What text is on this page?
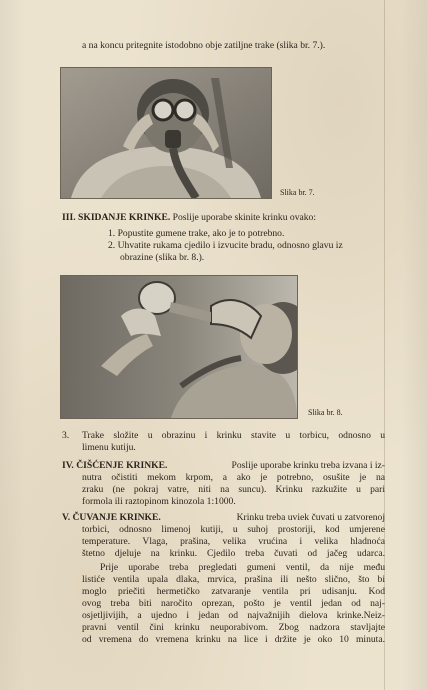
a na koncu pritegnite istodobno obje zatiljne trake (slika br. 7.).
Slika br. 7.
III. SKIDANJE KRINKE. Poslije uporabe skinite krinku ovako:
1. Popustite gumene trake, ako je to potrebno.
2. Uhvatite rukama cjedilo i izvucite bradu, odnosno glavu iz
obrazine (slika br. 8.).
Slika br. 8.
3. Trake složite u obrazinu i krinku stavite u torbicu, odnosno u
limenu kutiju.
IV. ČIŠĆENJE KRINKE.	Poslije uporabe krinku treba izvana i iz-
nutra očistiti mekom krpom, a ako je potrebno, osušite je na
zraku (ne pokraj vatre, niti na suncu). Krinku razkužite u pari
formola ili raztopinom kinozola 1:1000.
V. ČUVANJE KRINKE.	Krinku treba uviek čuvati u zatvorenoj
torbici, odnosno limenoj kutiji, u suhoj prostoriji, kod umjerene
temperature. Vlaga, prašina, velika vrućina i velika hladnoća
štetno djeluje na krinku. Cjedilo treba čuvati od jačeg udarca.
Prije uporabe treba pregledati gumeni ventil, da nije među
listiće ventila upala dlaka, mrvica, prašina ili nešto slično, što bi
moglo priečiti hermetičko zatvaranje ventila pri udisanju. Kod
ovog treba biti naročito oprezan, pošto je ventil jedan od naj-
osjetljivijih, a ujedno i jedan od najvažnijih dielova krinke.Neiz-
pravni ventil čini krinku neuporabivom. Zbog nadzora stavljajte
od vremena do vremena krinku na lice i držite je oko 10 minuta.
